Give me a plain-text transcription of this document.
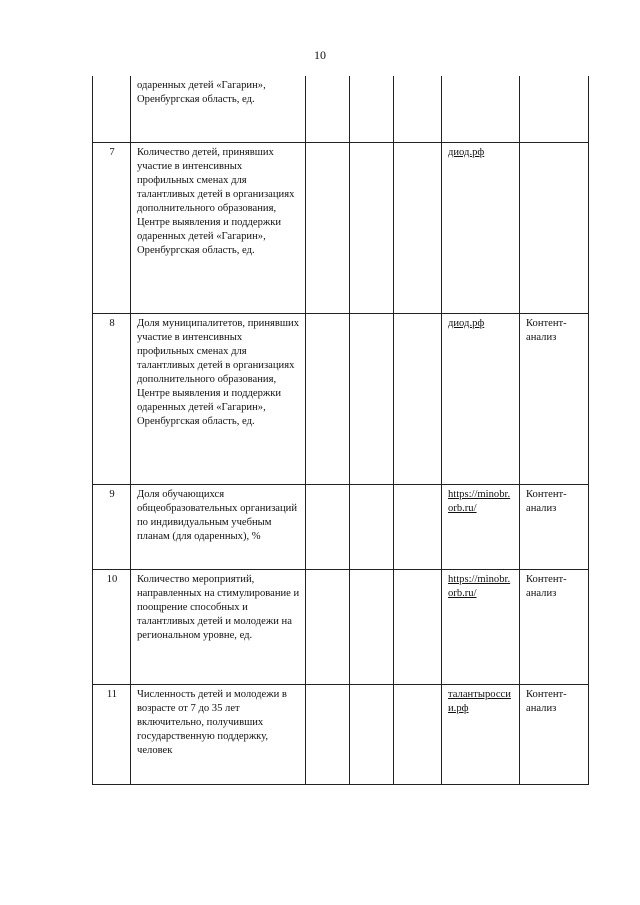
10
	одаренных детей «Гагарин», Оренбургская область, ед.					
7	Количество детей, принявших участие в интенсивных профильных сменах для талантливых детей в организациях дополнительного образования, Центре выявления и поддержки одаренных детей «Гагарин», Оренбургская область, ед.				диод.рф	
8	Доля муниципалитетов, принявших участие в интенсивных профильных сменах для талантливых детей в организациях дополнительного образования, Центре выявления и поддержки одаренных детей «Гагарин», Оренбургская область, ед.				диод.рф	Контент-анализ
9	Доля обучающихся общеобразовательных организаций по индивидуальным учебным планам (для одаренных), %				https://minobr.orb.ru/	Контент-анализ
10	Количество мероприятий, направленных на стимулирование и поощрение способных и талантливых детей и молодежи на региональном уровне, ед.				https://minobr.orb.ru/	Контент-анализ
11	Численность детей и молодежи в возрасте от 7 до 35 лет включительно, получивших государственную поддержку, человек				талантыроссии.рф	Контент-анализ
